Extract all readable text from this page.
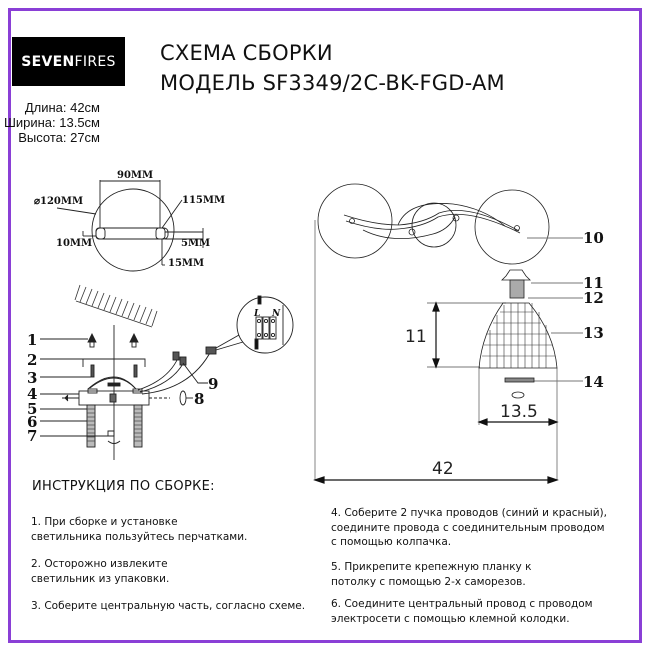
SEVEN FIRES
Длина: 42см
Ширина: 13.5см
Высота: 27см
СХЕМА СБОРКИ
МОДЕЛЬ SF3349/2C-BK-FGD-AM
90MM
⌀120MM	115MM
10MM	5MM
15MM
L N
1
2
3
4
5
6
7
8
9
11
13.5
42
10
11
12
13
14
ИНСТРУКЦИЯ ПО СБОРКЕ:
1. При сборке и установке
светильника пользуйтесь перчатками.
2. Осторожно извлеките
светильник из упаковки.
3. Соберите центральную часть, согласно схеме.
4. Соберите 2 пучка проводов (синий и красный),
соедините провода с соединительным проводом
с помощью колпачка.
5. Прикрепите крепежную планку к
потолку с помощью 2-х саморезов.
6. Соедините центральный провод с проводом
электросети с помощью клемной колодки.
